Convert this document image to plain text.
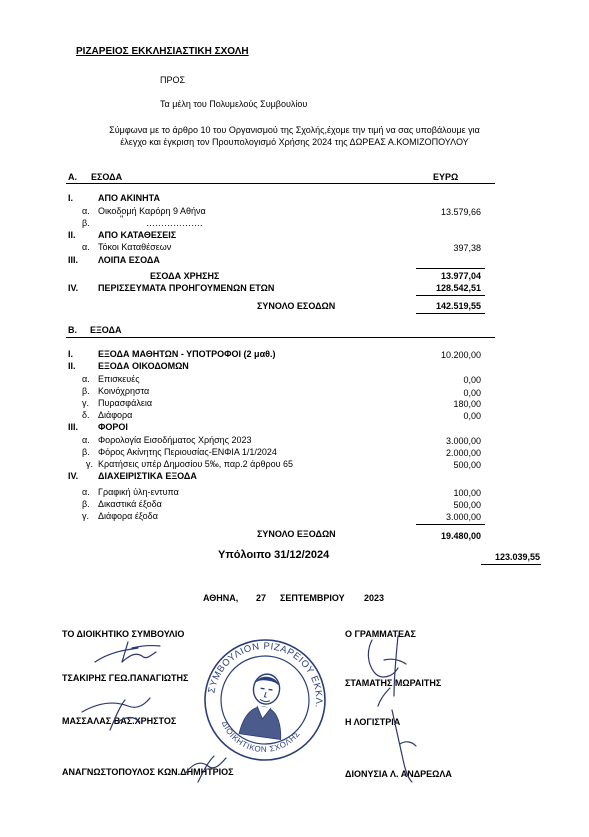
ΡΙΖΑΡΕΙΟΣ ΕΚΚΛΗΣΙΑΣΤΙΚΗ ΣΧΟΛΗ
ΠΡΟΣ
Τα μέλη του Πολυμελούς Συμβουλίου
Σύμφωνα με το άρθρο 10 του Οργανισμού της Σχολής,έχομε την τιμή να σας υποβάλουμε για
έλεγχο και έγκριση τον Προυπολογισμό Χρήσης 2024 της ΔΩΡΕΑΣ Α.ΚΟΜΙΖΟΠΟΥΛΟΥ
Α. ΕΣΟΔΑ	ΕΥΡΩ
Ι.	ΑΠΟ ΑΚΙΝΗΤΑ
α. Οικοδομή Καρόρη 9 Αθήνα	13.579,66
β.	"	……………….
ΙΙ. ΑΠΟ ΚΑΤΑΘΕΣΕΙΣ
α. Τόκοι Καταθέσεων	397,38
ΙΙΙ. ΛΟΙΠΑ ΕΣΟΔΑ
ΕΣΟΔΑ ΧΡΗΣΗΣ	13.977,04
ΙV. ΠΕΡΙΣΣΕΥΜΑΤΑ ΠΡΟΗΓΟΥΜΕΝΩΝ ΕΤΩΝ	128.542,51
ΣΥΝΟΛΟ ΕΣΟΔΩΝ	142.519,55
Β. ΕΞΟΔΑ
Ι.	ΕΞΟΔΑ ΜΑΘΗΤΩΝ - ΥΠΟΤΡΟΦΟΙ (2 μαθ.)	10.200,00
ΙΙ. ΕΞΟΔΑ ΟΙΚΟΔΟΜΩΝ
α. Επισκευές	0,00
β. Κοινόχρηστα	0,00
γ. Πυρασφάλεια	180,00
δ. Διάφορα	0,00
ΙΙΙ. ΦΟΡΟΙ
α. Φορολογία Εισοδήματος Χρήσης 2023	3.000,00
β. Φόρος Ακίνητης Περιουσίας-ΕΝΦΙΑ 1/1/2024	2.000,00
γ. Κρατήσεις υπέρ Δημοσίου 5‰, παρ.2 άρθρου 65	500,00
ΙV. ΔΙΑΧΕΙΡΙΣΤΙΚΑ ΕΞΟΔΑ
α. Γραφική ύλη-εντυπα	100,00
β. Δικαστικά έξοδα	500,00
γ. Διάφορα έξοδα	3.000,00
ΣΥΝΟΛΟ ΕΞΟΔΩΝ	19.480,00
Υπόλοιπο 31/12/2024	123.039,55
ΑΘΗΝΑ, 27 ΣΕΠΤΕΜΒΡΙΟΥ 2023
ΤΟ ΔΙΟΙΚΗΤΙΚΟ ΣΥΜΒΟΥΛΙΟ
ΤΣΑΚΙΡΗΣ ΓΕΩ.ΠΑΝΑΓΙΩΤΗΣ
ΜΑΣΣΑΛΑΣ ΒΑΣ.ΧΡΗΣΤΟΣ
ΑΝΑΓΝΩΣΤΟΠΟΥΛΟΣ ΚΩΝ.ΔΗΜΗΤΡΙΟΣ
Ο ΓΡΑΜΜΑΤΕΑΣ
ΣΤΑΜΑΤΗΣ ΜΩΡΑΙΤΗΣ
Η ΛΟΓΙΣΤΡΙΑ
ΔΙΟΝΥΣΙΑ Λ. ΑΝΔΡΕΩΛΑ
ΣΥΜΒΟΥΛΙΟΝ ΡΙΖΑΡΕΙΟΥ ΕΚΚΛ.
ΔΙΟΙΚΗΤΙΚΟΝ ΣΧΟΛΗΣ
